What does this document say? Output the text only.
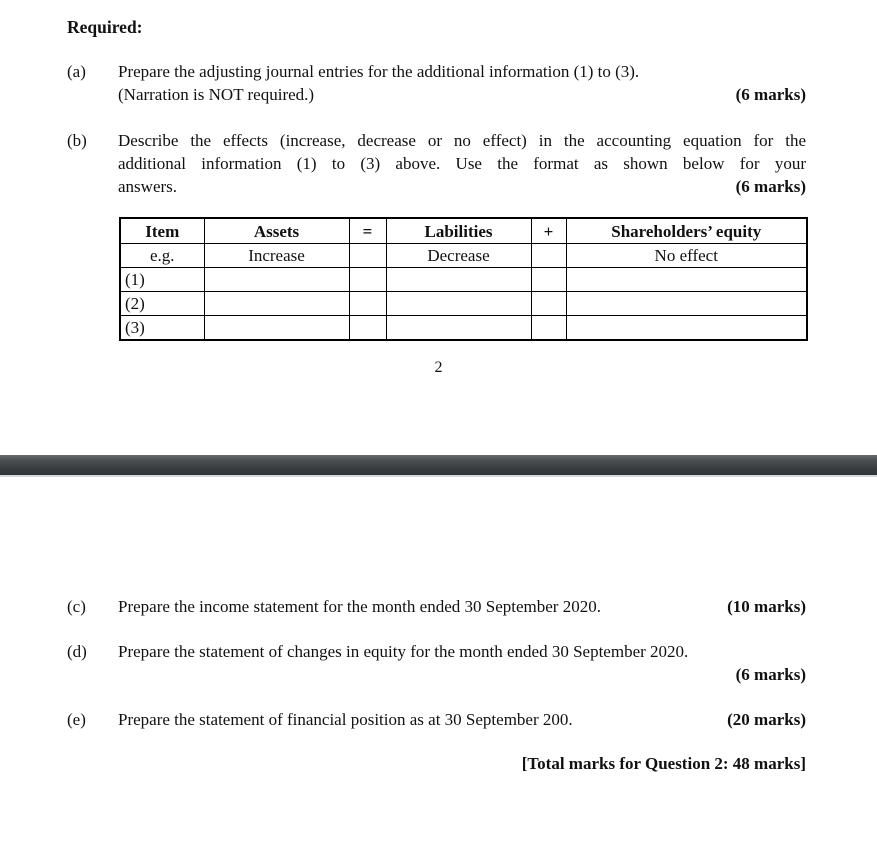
Required:
(a)	Prepare the adjusting journal entries for the additional information (1) to (3).
(Narration is NOT required.)	(6 marks)
(b)	Describe the effects (increase, decrease or no effect) in the accounting equation for the
additional information (1) to (3) above. Use the format as shown below for your
answers.	(6 marks)
Item	Assets	=	Labilities	+	Shareholders’ equity
e.g.	Increase		Decrease		No effect
(1)					
(2)					
(3)					
2
(c)	Prepare the income statement for the month ended 30 September 2020.	(10 marks)
(d)	Prepare the statement of changes in equity for the month ended 30 September 2020.
(6 marks)
(e)	Prepare the statement of financial position as at 30 September 200.	(20 marks)
[Total marks for Question 2: 48 marks]
